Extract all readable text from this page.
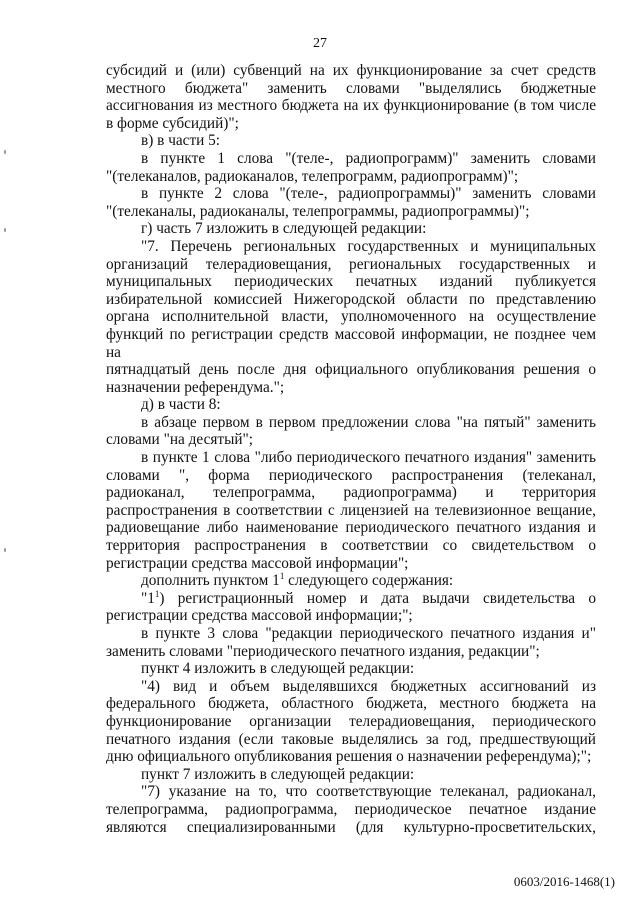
27

субсидий и (или) субвенций на их функционирование за счет средств

местного бюджета" заменить словами "выделялись бюджетные

ассигнования из местного бюджета на их функционирование (в том числе

в форме субсидий)";

в) в части 5:

в пункте 1 слова "(теле-, радиопрограмм)" заменить словами

"(телеканалов, радиоканалов, телепрограмм, радиопрограмм)";

в пункте 2 слова "(теле-, радиопрограммы)" заменить словами

"(телеканалы, радиоканалы, телепрограммы, радиопрограммы)";

г) часть 7 изложить в следующей редакции:

"7. Перечень региональных государственных и муниципальных

организаций телерадиовещания, региональных государственных и

муниципальных периодических печатных изданий публикуется

избирательной комиссией Нижегородской области по представлению

органа исполнительной власти, уполномоченного на осуществление

функций по регистрации средств массовой информации, не позднее чем на

пятнадцатый день после дня официального опубликования решения о

назначении референдума.";

д) в части 8:

в абзаце первом в первом предложении слова "на пятый" заменить

словами "на десятый";

в пункте 1 слова "либо периодического печатного издания" заменить

словами ", форма периодического распространения (телеканал,

радиоканал, телепрограмма, радиопрограмма) и территория

распространения в соответствии с лицензией на телевизионное вещание,

радиовещание либо наименование периодического печатного издания и

территория распространения в соответствии со свидетельством о

регистрации средства массовой информации";

дополнить пунктом $1^1$ следующего содержания:

"$1^1$) регистрационный номер и дата выдачи свидетельства о

регистрации средства массовой информации;";

в пункте 3 слова "редакции периодического печатного издания и"

заменить словами "периодического печатного издания, редакции";

пункт 4 изложить в следующей редакции:

"4) вид и объем выделявшихся бюджетных ассигнований из

федерального бюджета, областного бюджета, местного бюджета на

функционирование организации телерадиовещания, периодического

печатного издания (если таковые выделялись за год, предшествующий

дню официального опубликования решения о назначении референдума);";

пункт 7 изложить в следующей редакции:

"7) указание на то, что соответствующие телеканал, радиоканал,

телепрограмма, радиопрограмма, периодическое печатное издание

являются специализированными (для культурно-просветительских,

0603/2016-1468(1)
